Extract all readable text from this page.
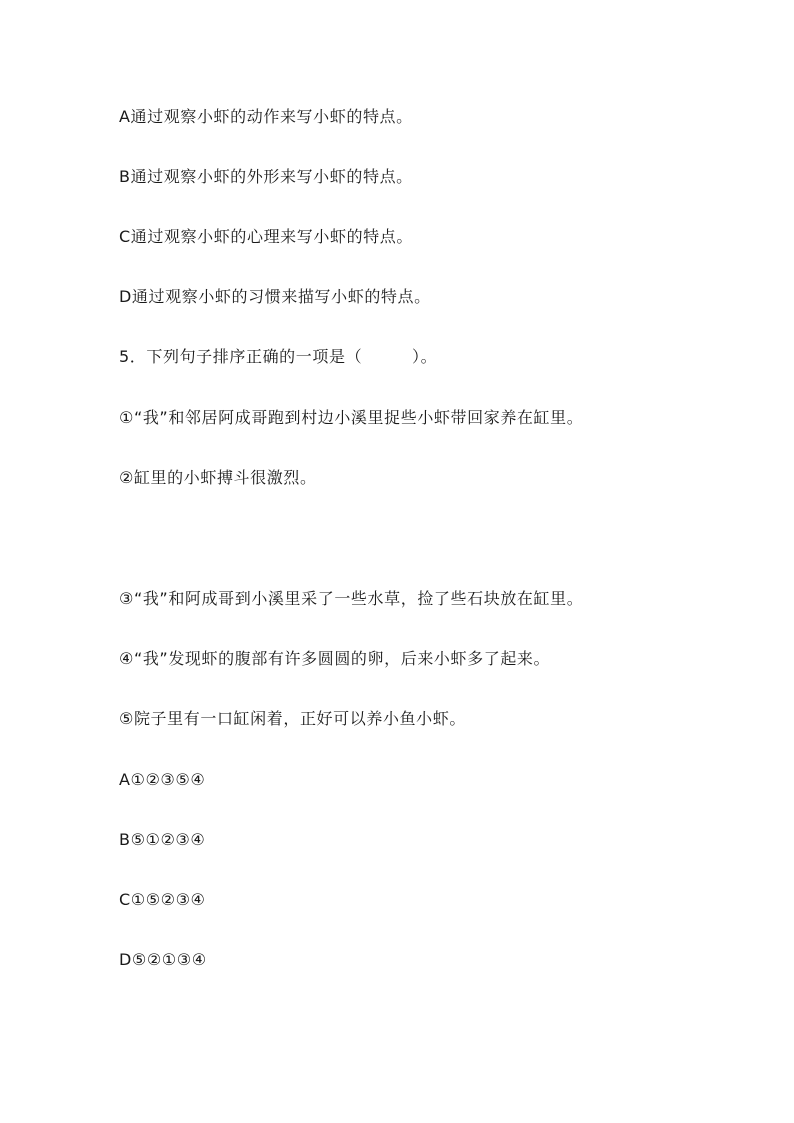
A通过观察小虾的动作来写小虾的特点。
B通过观察小虾的外形来写小虾的特点。
C通过观察小虾的心理来写小虾的特点。
D通过观察小虾的习惯来描写小虾的特点。
5．下列句子排序正确的一项是（　　　）。
①“我”和邻居阿成哥跑到村边小溪里捉些小虾带回家养在缸里。
②缸里的小虾搏斗很激烈。
③“我”和阿成哥到小溪里采了一些水草，捡了些石块放在缸里。
④“我”发现虾的腹部有许多圆圆的卵，后来小虾多了起来。
⑤院子里有一口缸闲着，正好可以养小鱼小虾。
A①②③⑤④
B⑤①②③④
C①⑤②③④
D⑤②①③④
